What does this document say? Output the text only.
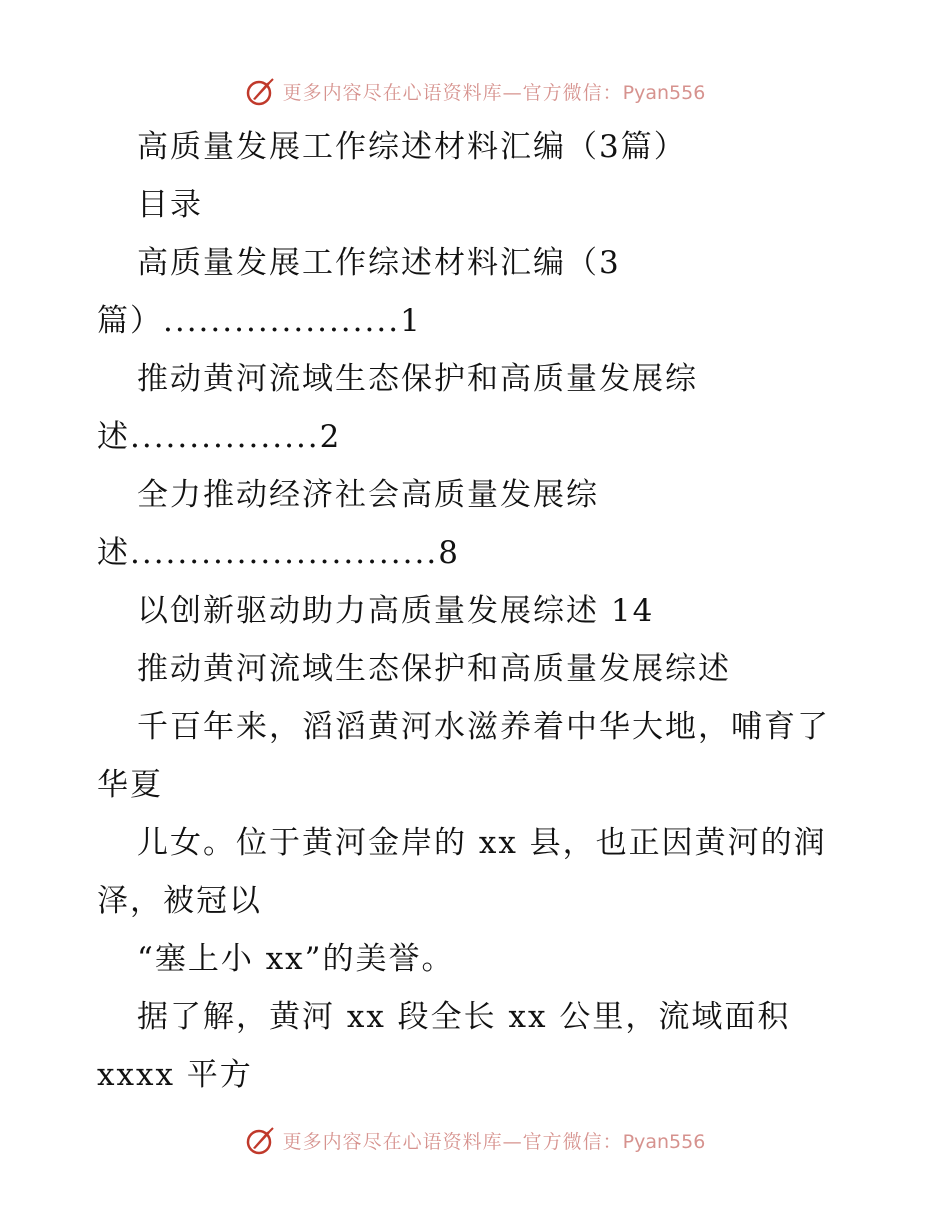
更多内容尽在心语资料库—官方微信：Pyan556
高质量发展工作综述材料汇编（3篇）
目录
高质量发展工作综述材料汇编（3
篇）....................1
推动黄河流域生态保护和高质量发展综
述................2
全力推动经济社会高质量发展综
述..........................8
以创新驱动助力高质量发展综述 14
推动黄河流域生态保护和高质量发展综述
千百年来，滔滔黄河水滋养着中华大地，哺育了
华夏
儿女。位于黄河金岸的 xx 县，也正因黄河的润
泽，被冠以
“塞上小 xx”的美誉。
据了解，黄河 xx 段全长 xx 公里，流域面积
xxxx 平方
更多内容尽在心语资料库—官方微信：Pyan556
